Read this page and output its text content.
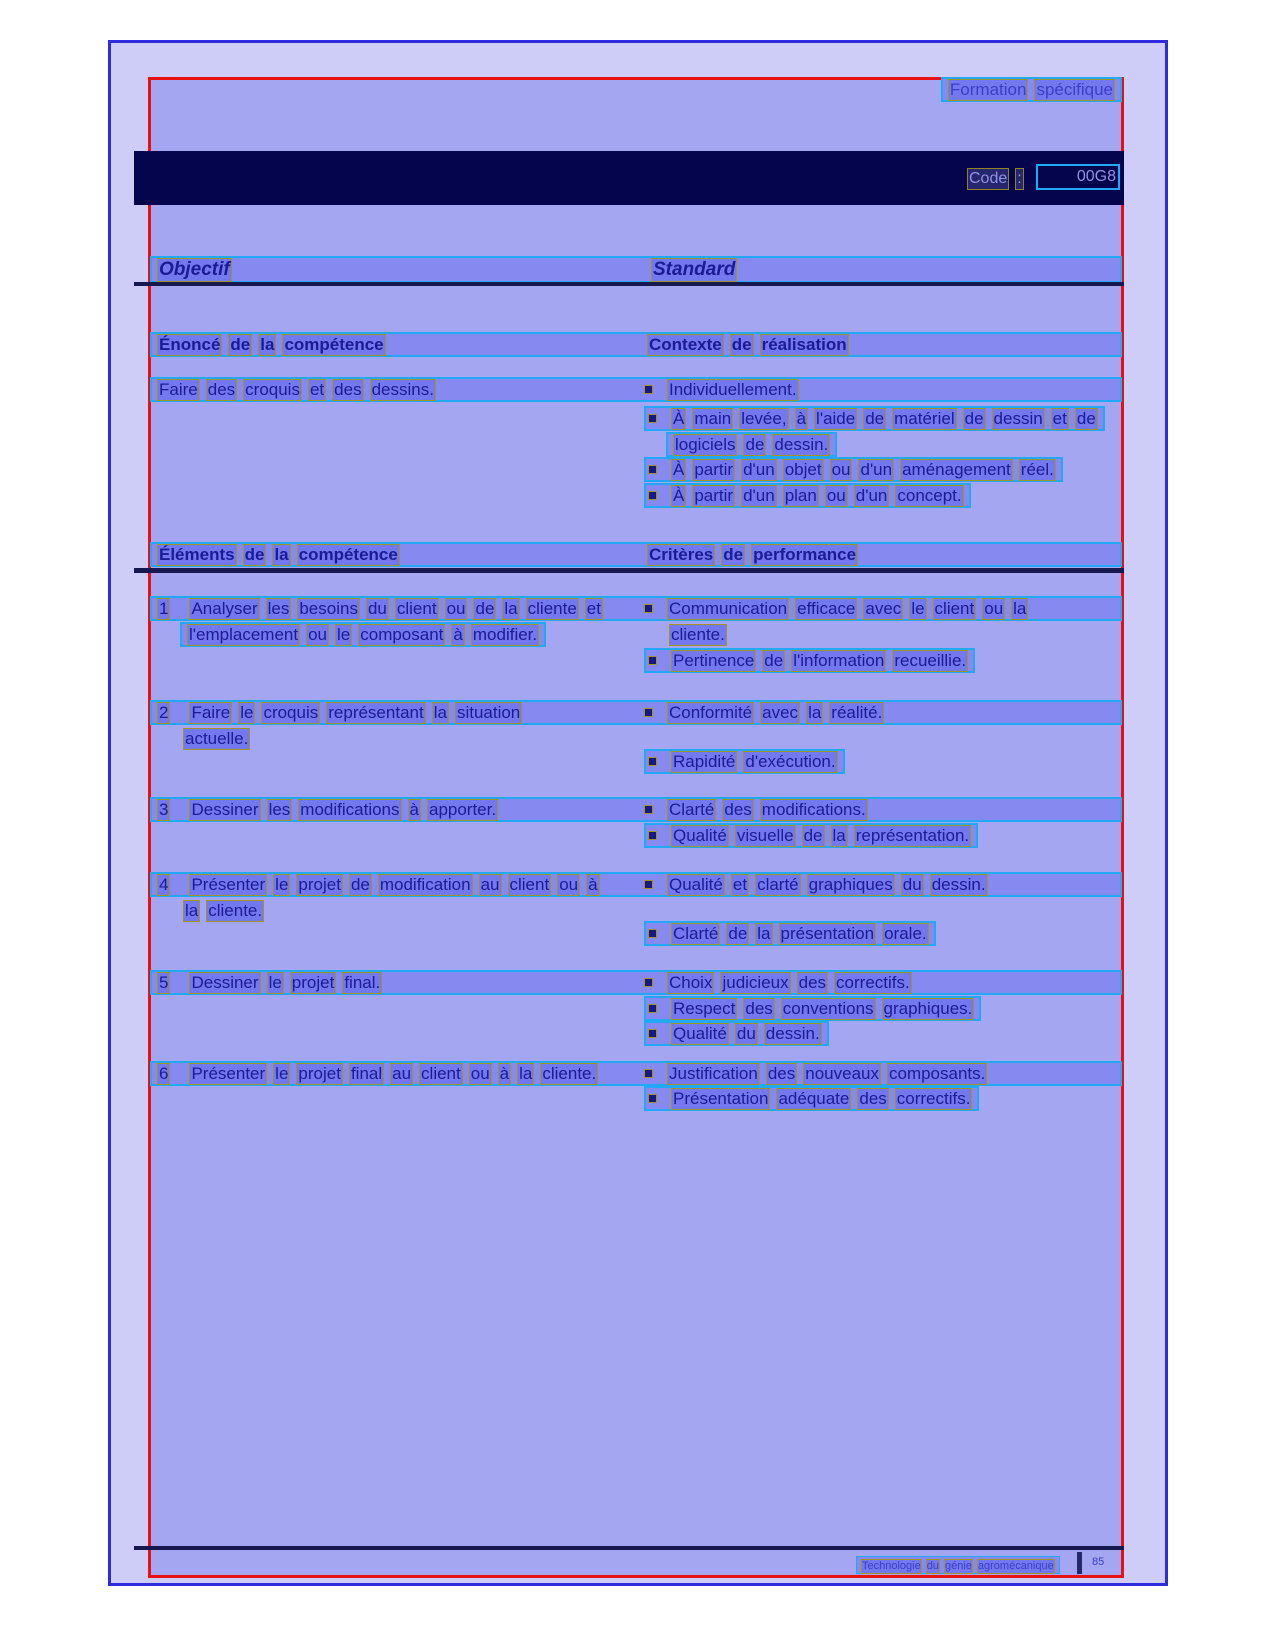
Formation spécifique
Code :	00G8
Objectif	Standard
Énoncé de la compétence	Contexte de réalisation
Faire des croquis et des dessins.	Individuellement.
À main levée, à l'aide de matériel de dessin et de
logiciels de dessin.
À partir d'un objet ou d'un aménagement réel.
À partir d'un plan ou d'un concept.
Éléments de la compétence	Critères de performance
1 Analyser les besoins du client ou de la cliente et	Communication efficace avec le client ou la
l'emplacement ou le composant à modifier.	cliente.
Pertinence de l'information recueillie.
2 Faire le croquis représentant la situation	Conformité avec la réalité.
actuelle.
Rapidité d'exécution.
3 Dessiner les modifications à apporter.	Clarté des modifications.
Qualité visuelle de la représentation.
4 Présenter le projet de modification au client ou à	Qualité et clarté graphiques du dessin.
la cliente.
Clarté de la présentation orale.
5 Dessiner le projet final.	Choix judicieux des correctifs.
Respect des conventions graphiques.
Qualité du dessin.
6 Présenter le projet final au client ou à la cliente.	Justification des nouveaux composants.
Présentation adéquate des correctifs.
Technologie du génie agromécanique	85
